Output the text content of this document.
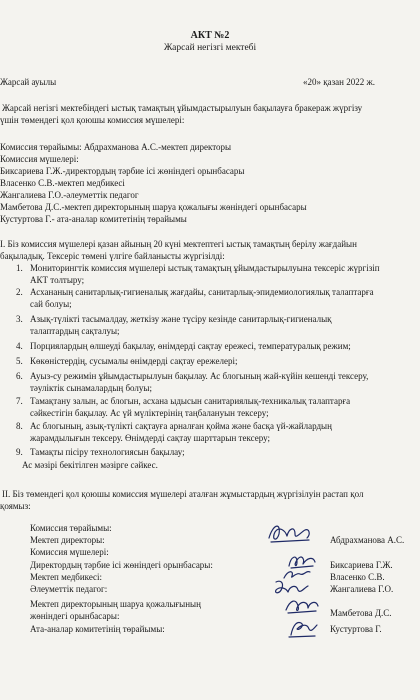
АКТ №2
Жарсай негізгі мектебі
Жарсай ауылы	«20» қазан 2022 ж.
Жарсай негізгі мектебіндегі ыстық тамақтың ұйымдастырылуын бақылауға бракераж жүргізу
үшін төмендегі қол қоюшы комиссия мүшелері:
Комиссия төрайымы: Абдрахманова А.С.-мектеп директоры
Комиссия мүшелері:
Биксариева Г.Ж.-директордың тәрбие ісі жөніндегі орынбасары
Власенко С.В.-мектеп медбикесі
Жангалиева Г.О.-әлеуметтік педагог
Мамбетова Д.С.-мектеп директорының шаруа қожалығы жөніндегі орынбасары
Кустуртова Г.- ата-аналар комитетінің төрайымы
I. Біз комиссия мүшелері қазан айының 20 күні мектептегі ыстық тамақтың берілу жағдайын
бақыладық. Тексеріс төмені үлгіге байланысты жүргізілді:
1. Мониторингтік комиссия мүшелері ыстық тамақтың ұйымдастырылуына тексеріс жүргізіп
АКТ толтыру;
2. Асхананың санитарлық-гигиеналық жағдайы, санитарлық-эпидемиологиялық талаптарға
сай болуы;
3. Азық-түлікті тасымалдау, жеткізу және түсіру кезінде санитарлық-гигиеналық
талаптардың сақталуы;
4. Порциялардың өлшеуді бақылау, өнімдерді сақтау ережесі, температуралық режим;
5. Көкөністердің, сусымалы өнімдерді сақтау ережелері;
6. Ауыз-су режимін ұйымдастырылуын бақылау. Ас блогының жай-күйін кешенді тексеру,
тәуліктік сынамалардың болуы;
7. Тамақтану залын, ас блогын, асхана ыдысын санитариялық-техникалық талаптарға
сәйкестігін бақылау. Ас үй мүліктерінің таңбалануын тексеру;
8. Ас блогының, азық-түлікті сақтауға арналған қойма және басқа үй-жайлардың
жарамдылығын тексеру. Өнімдерді сақтау шарттарын тексеру;
9. Тамақты пісіру технологиясын бақылау;
Ас мәзірі бекітілген мәзірге сәйкес.
II. Біз төмендегі қол қоюшы комиссия мүшелері аталған жұмыстардың жүргізілуін растап қол
қоямыз:
Комиссия төрайымы:
Мектеп директоры:	Абдрахманова А.С.
Комиссия мүшелері:
Директордың тәрбие ісі жөніндегі орынбасары:	Биксариева Г.Ж.
Мектеп медбикесі:	Власенко С.В.
Әлеуметтік педагог:	Жангалиева Г.О.
Мектеп директорының шаруа қожалығының
жөніндегі орынбасары:	Мамбетова Д.С.
Ата-аналар комитетінің төрайымы:	Кустуртова Г.
